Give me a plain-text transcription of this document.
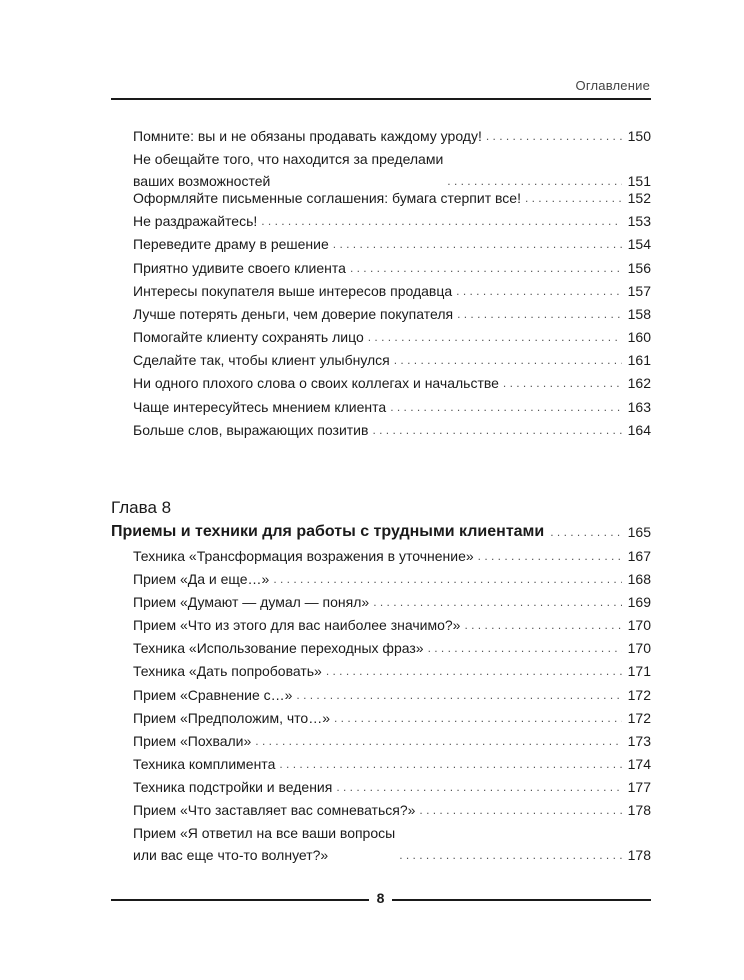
Оглавление
Помните: вы и не обязаны продавать каждому уроду! . . .	150
Не обещайте того, что находится за пределами
ваших возможностей . . .	151
Оформляйте письменные соглашения: бумага стерпит все! . . .	152
Не раздражайтесь! . . .	153
Переведите драму в решение . . .	154
Приятно удивите своего клиента . . .	156
Интересы покупателя выше интересов продавца . . .	157
Лучше потерять деньги, чем доверие покупателя . . .	158
Помогайте клиенту сохранять лицо . . .	160
Сделайте так, чтобы клиент улыбнулся . . .	161
Ни одного плохого слова о своих коллегах и начальстве . . .	162
Чаще интересуйтесь мнением клиента . . .	163
Больше слов, выражающих позитив . . .	164
Глава 8
Приемы и техники для работы с трудными клиентами . . .	165
Техника «Трансформация возражения в уточнение» . . .	167
Прием «Да и еще…» . . .	168
Прием «Думают — думал — понял» . . .	169
Прием «Что из этого для вас наиболее значимо?» . . .	170
Техника «Использование переходных фраз» . . .	170
Техника «Дать попробовать» . . .	171
Прием «Сравнение с…» . . .	172
Прием «Предположим, что…» . . .	172
Прием «Похвали» . . .	173
Техника комплимента . . .	174
Техника подстройки и ведения . . .	177
Прием «Что заставляет вас сомневаться?» . . .	178
Прием «Я ответил на все ваши вопросы
или вас еще что-то волнует?» . . .	178
8
